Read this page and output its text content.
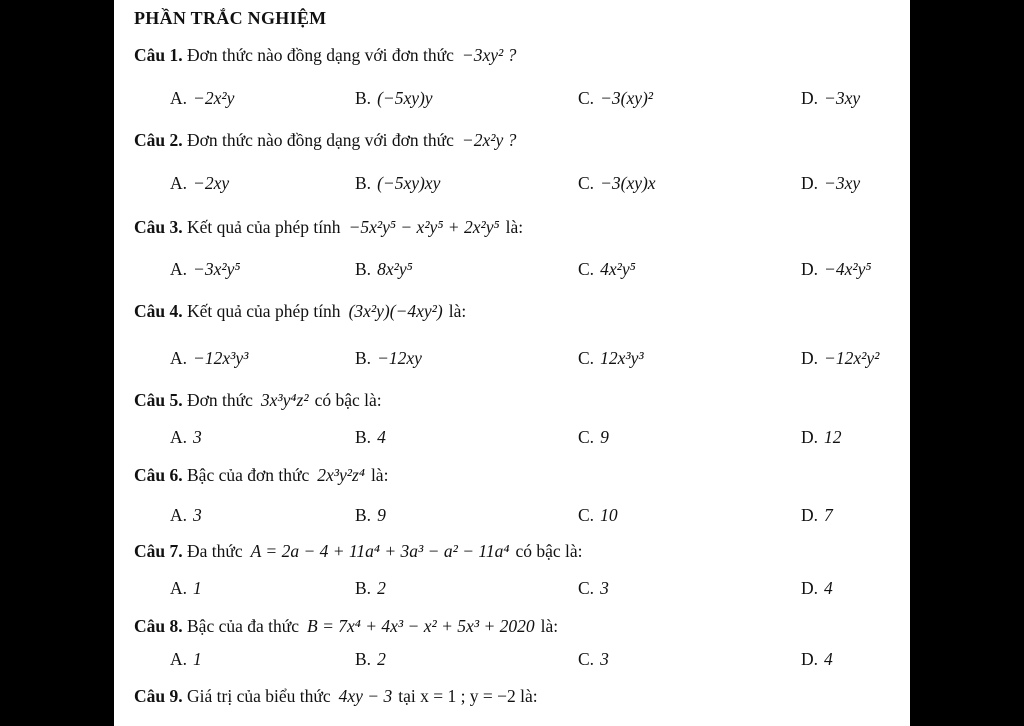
PHẦN TRẮC NGHIỆM
Câu 1. Đơn thức nào đồng dạng với đơn thức −3xy² ?
A. −2x²y	B. (−5xy)y	C. −3(xy)²	D. −3xy
Câu 2. Đơn thức nào đồng dạng với đơn thức −2x²y ?
A. −2xy	B. (−5xy)xy	C. −3(xy)x	D. −3xy
Câu 3. Kết quả của phép tính −5x²y⁵ − x²y⁵ + 2x²y⁵ là:
A. −3x²y⁵	B. 8x²y⁵	C. 4x²y⁵	D. −4x²y⁵
Câu 4. Kết quả của phép tính (3x²y)(−4xy²) là:
A. −12x³y³	B. −12xy	C. 12x³y³	D. −12x²y²
Câu 5. Đơn thức 3x³y⁴z² có bậc là:
A. 3	B. 4	C. 9	D. 12
Câu 6. Bậc của đơn thức 2x³y²z⁴ là:
A. 3	B. 9	C. 10	D. 7
Câu 7. Đa thức A = 2a − 4 + 11a⁴ + 3a³ − a² − 11a⁴ có bậc là:
A. 1	B. 2	C. 3	D. 4
Câu 8. Bậc của đa thức B = 7x⁴ + 4x³ − x² + 5x³ + 2020 là:
A. 1	B. 2	C. 3	D. 4
Câu 9. Giá trị của biểu thức 4xy − 3 tại x = 1 ; y = −2 là:
